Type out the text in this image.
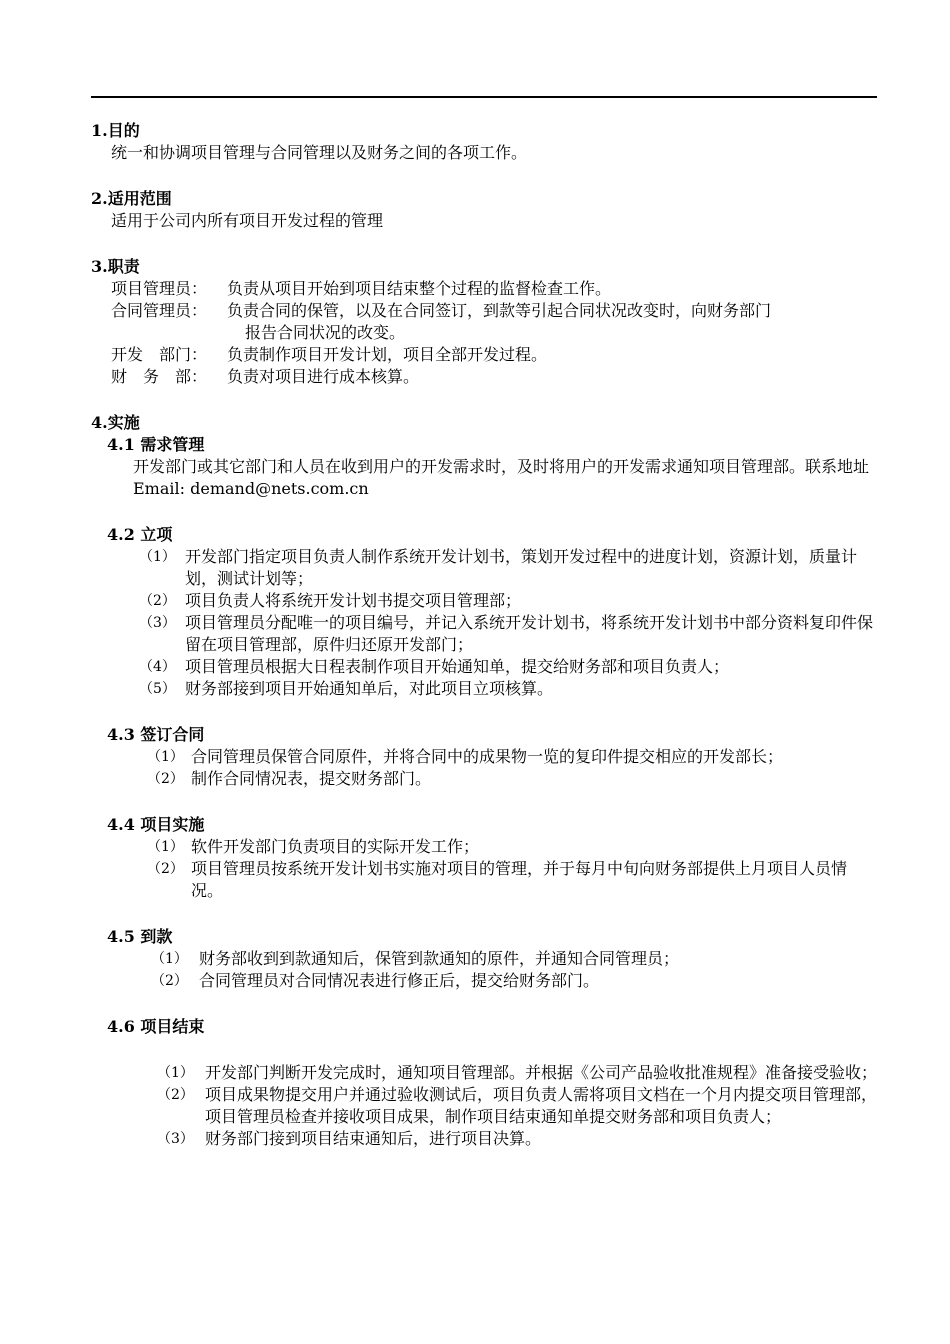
1.目的
统一和协调项目管理与合同管理以及财务之间的各项工作。
2.适用范围
适用于公司内所有项目开发过程的管理
3.职责
项目管理员：	负责从项目开始到项目结束整个过程的监督检查工作。
合同管理员：	负责合同的保管，以及在合同签订，到款等引起合同状况改变时，向财务部门
报告合同状况的改变。
开发　部门：	负责制作项目开发计划，项目全部开发过程。
财　务　部：	负责对项目进行成本核算。
4.实施
4.1 需求管理
开发部门或其它部门和人员在收到用户的开发需求时，及时将用户的开发需求通知项目管理部。联系地址 Email: demand@nets.com.cn
4.2 立项
（1） 开发部门指定项目负责人制作系统开发计划书，策划开发过程中的进度计划，资源计划，质量计划，测试计划等；
（2） 项目负责人将系统开发计划书提交项目管理部；
（3） 项目管理员分配唯一的项目编号，并记入系统开发计划书，将系统开发计划书中部分资料复印件保留在项目管理部，原件归还原开发部门；
（4） 项目管理员根据大日程表制作项目开始通知单，提交给财务部和项目负责人；
（5） 财务部接到项目开始通知单后，对此项目立项核算。
4.3 签订合同
（1） 合同管理员保管合同原件，并将合同中的成果物一览的复印件提交相应的开发部长；
（2） 制作合同情况表，提交财务部门。
4.4 项目实施
（1） 软件开发部门负责项目的实际开发工作；
（2） 项目管理员按系统开发计划书实施对项目的管理，并于每月中旬向财务部提供上月项目人员情况。
4.5 到款
（1） 财务部收到到款通知后，保管到款通知的原件，并通知合同管理员；
（2） 合同管理员对合同情况表进行修正后，提交给财务部门。
4.6 项目结束
（1） 开发部门判断开发完成时，通知项目管理部。并根据《公司产品验收批准规程》准备接受验收；
（2） 项目成果物提交用户并通过验收测试后，项目负责人需将项目文档在一个月内提交项目管理部，项目管理员检查并接收项目成果，制作项目结束通知单提交财务部和项目负责人；
（3） 财务部门接到项目结束通知后，进行项目决算。
